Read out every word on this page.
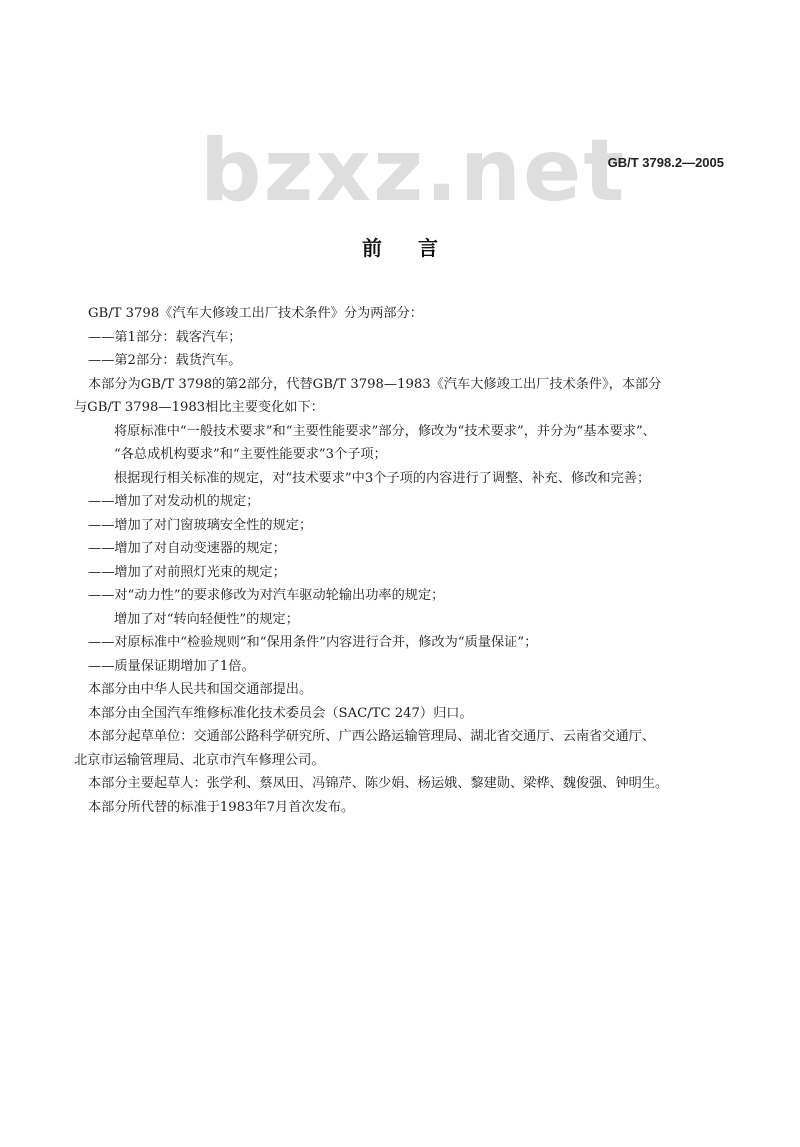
bzxz.net
GB/T 3798.2—2005
前 言
GB/T 3798《汽车大修竣工出厂技术条件》分为两部分：
——第1部分：载客汽车；
——第2部分：载货汽车。
本部分为GB/T 3798的第2部分，代替GB/T 3798—1983《汽车大修竣工出厂技术条件》，本部分
与GB/T 3798—1983相比主要变化如下：
将原标准中“一般技术要求”和“主要性能要求”部分，修改为“技术要求”，并分为“基本要求”、
“各总成机构要求”和“主要性能要求”3个子项；
根据现行相关标准的规定，对“技术要求”中3个子项的内容进行了调整、补充、修改和完善；
——增加了对发动机的规定；
——增加了对门窗玻璃安全性的规定；
——增加了对自动变速器的规定；
——增加了对前照灯光束的规定；
——对“动力性”的要求修改为对汽车驱动轮输出功率的规定；
增加了对“转向轻便性”的规定；
——对原标准中“检验规则”和“保用条件”内容进行合并，修改为“质量保证”；
——质量保证期增加了1倍。
本部分由中华人民共和国交通部提出。
本部分由全国汽车维修标准化技术委员会（SAC/TC 247）归口。
本部分起草单位：交通部公路科学研究所、广西公路运输管理局、湖北省交通厅、云南省交通厅、
北京市运输管理局、北京市汽车修理公司。
本部分主要起草人：张学利、蔡凤田、冯锦芹、陈少娟、杨运娥、黎建勋、梁桦、魏俊强、钟明生。
本部分所代替的标准于1983年7月首次发布。
